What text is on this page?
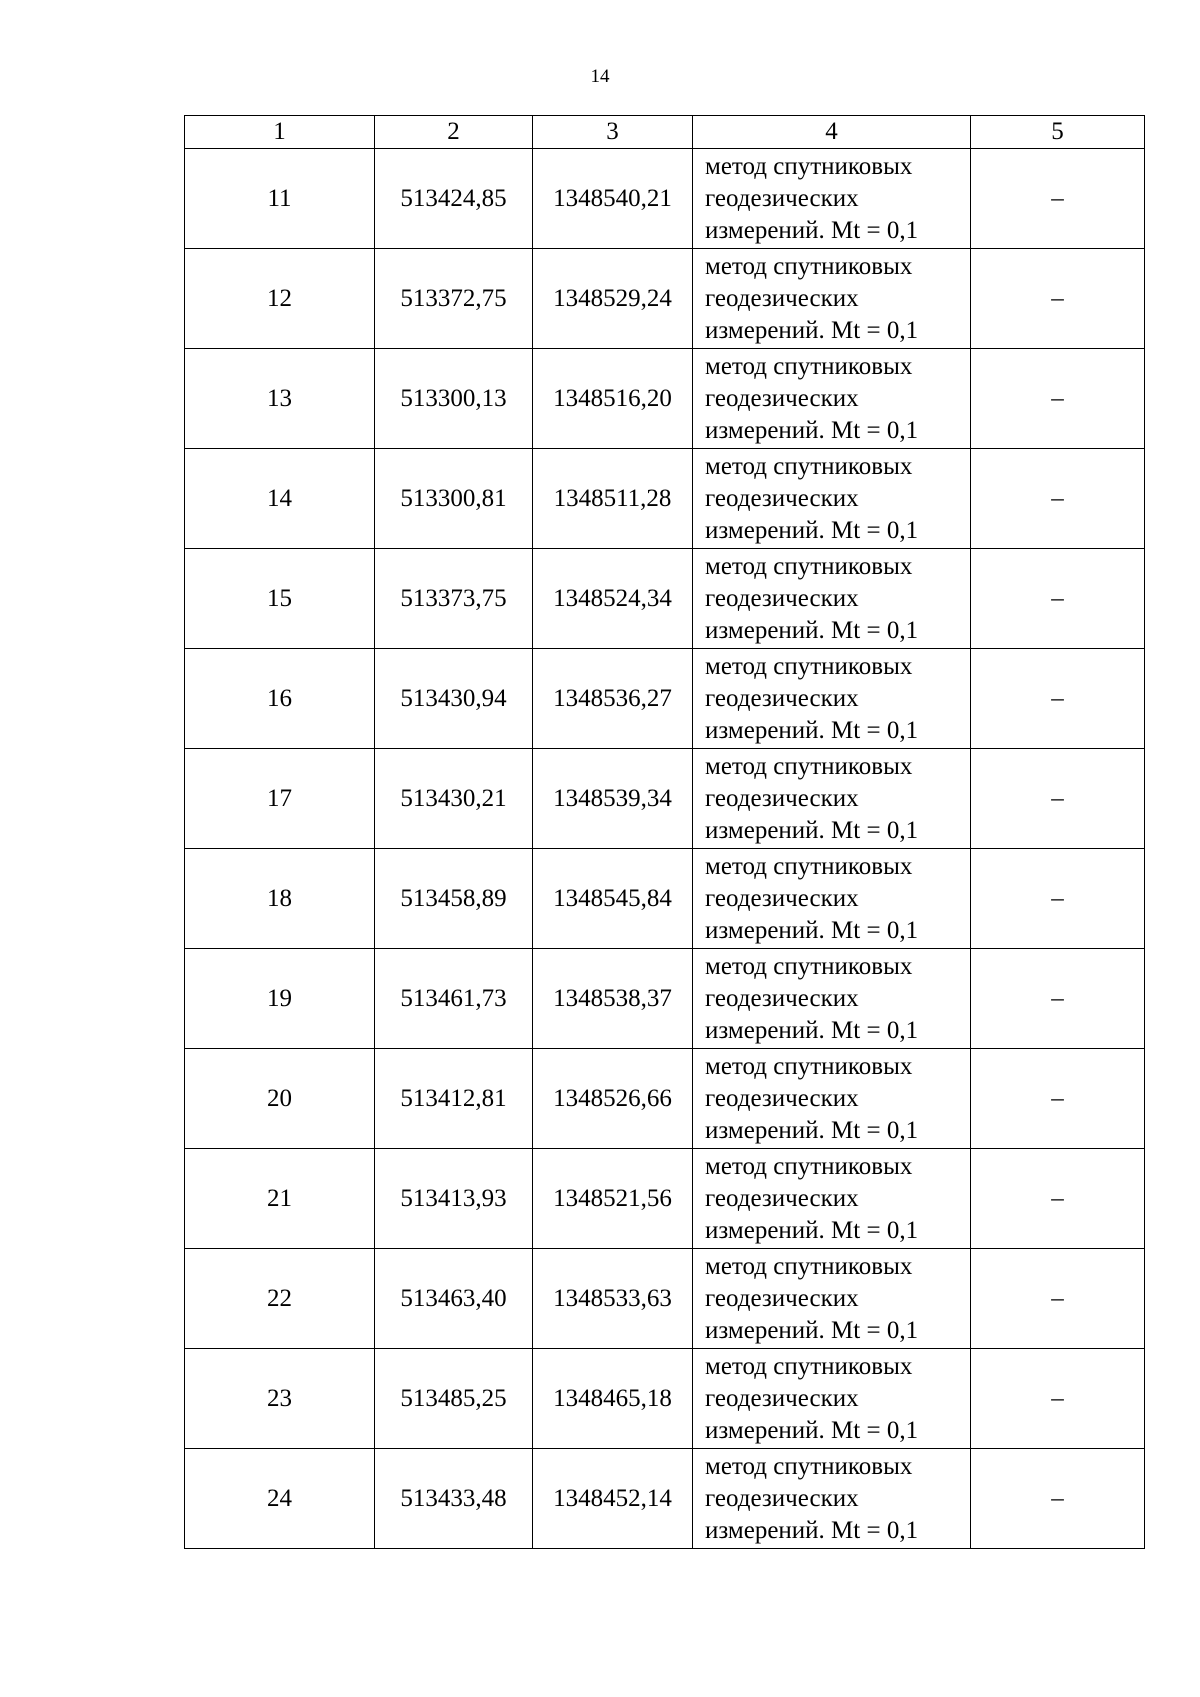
14
1	2	3	4	5
11	513424,85	1348540,21	метод спутниковых
геодезических
измерений. Mt = 0,1	–
12	513372,75	1348529,24	метод спутниковых
геодезических
измерений. Mt = 0,1	–
13	513300,13	1348516,20	метод спутниковых
геодезических
измерений. Mt = 0,1	–
14	513300,81	1348511,28	метод спутниковых
геодезических
измерений. Mt = 0,1	–
15	513373,75	1348524,34	метод спутниковых
геодезических
измерений. Mt = 0,1	–
16	513430,94	1348536,27	метод спутниковых
геодезических
измерений. Mt = 0,1	–
17	513430,21	1348539,34	метод спутниковых
геодезических
измерений. Mt = 0,1	–
18	513458,89	1348545,84	метод спутниковых
геодезических
измерений. Mt = 0,1	–
19	513461,73	1348538,37	метод спутниковых
геодезических
измерений. Mt = 0,1	–
20	513412,81	1348526,66	метод спутниковых
геодезических
измерений. Mt = 0,1	–
21	513413,93	1348521,56	метод спутниковых
геодезических
измерений. Mt = 0,1	–
22	513463,40	1348533,63	метод спутниковых
геодезических
измерений. Mt = 0,1	–
23	513485,25	1348465,18	метод спутниковых
геодезических
измерений. Mt = 0,1	–
24	513433,48	1348452,14	метод спутниковых
геодезических
измерений. Mt = 0,1	–
